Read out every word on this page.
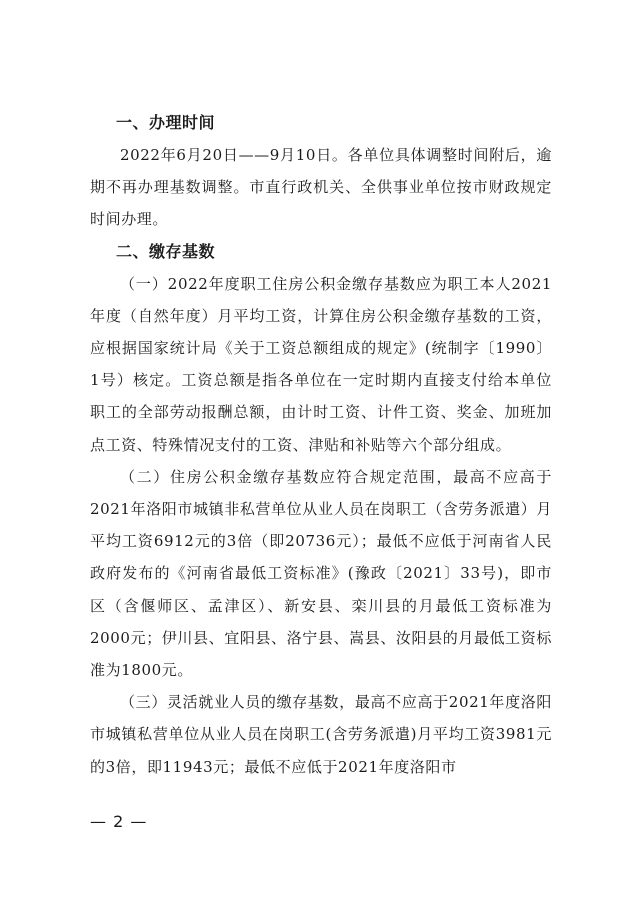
一、办理时间

2022年6月20日——9月10日。各单位具体调整时间附后，逾期不再办理基数调整。市直行政机关、全供事业单位按市财政规定时间办理。

二、缴存基数

（一）2022年度职工住房公积金缴存基数应为职工本人2021年度（自然年度）月平均工资，计算住房公积金缴存基数的工资，应根据国家统计局《关于工资总额组成的规定》(统制字〔1990〕1号）核定。工资总额是指各单位在一定时期内直接支付给本单位职工的全部劳动报酬总额，由计时工资、计件工资、奖金、加班加点工资、特殊情况支付的工资、津贴和补贴等六个部分组成。

（二）住房公积金缴存基数应符合规定范围，最高不应高于2021年洛阳市城镇非私营单位从业人员在岗职工（含劳务派遣）月平均工资6912元的3倍（即20736元）；最低不应低于河南省人民政府发布的《河南省最低工资标准》(豫政〔2021〕33号)，即市区（含偃师区、孟津区）、新安县、栾川县的月最低工资标准为2000元；伊川县、宜阳县、洛宁县、嵩县、汝阳县的月最低工资标准为1800元。

（三）灵活就业人员的缴存基数，最高不应高于2021年度洛阳市城镇私营单位从业人员在岗职工(含劳务派遣)月平均工资3981元的3倍，即11943元；最低不应低于2021年度洛阳市

— 2 —
